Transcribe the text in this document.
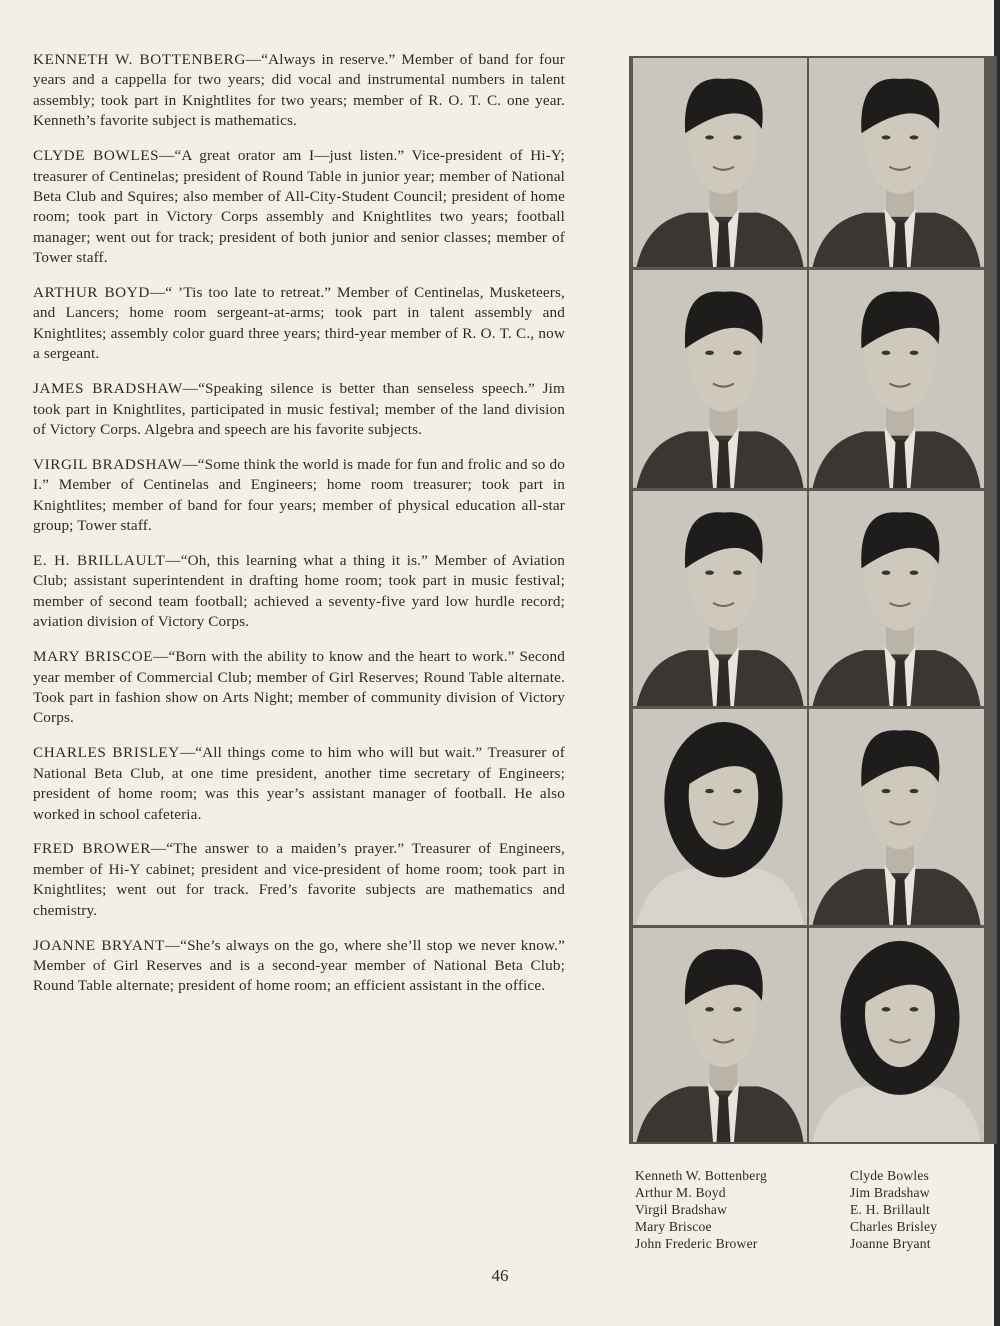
KENNETH W. BOTTENBERG—“Always in reserve.” Member of band for four years and a cappella for two years; did vocal and instrumental numbers in talent assembly; took part in Knightlites for two years; member of R. O. T. C. one year. Kenneth’s favorite subject is mathematics.

CLYDE BOWLES—“A great orator am I—just listen.” Vice-president of Hi-Y; treasurer of Centinelas; president of Round Table in junior year; member of National Beta Club and Squires; also member of All-City-Student Council; president of home room; took part in Victory Corps assembly and Knightlites two years; football manager; went out for track; president of both junior and senior classes; member of Tower staff.

ARTHUR BOYD—“ ’Tis too late to retreat.” Member of Centinelas, Musketeers, and Lancers; home room sergeant-at-arms; took part in talent assembly and Knightlites; assembly color guard three years; third-year member of R. O. T. C., now a sergeant.

JAMES BRADSHAW—“Speaking silence is better than senseless speech.” Jim took part in Knightlites, participated in music festival; member of the land division of Victory Corps. Algebra and speech are his favorite subjects.

VIRGIL BRADSHAW—“Some think the world is made for fun and frolic and so do I.” Member of Centinelas and Engineers; home room treasurer; took part in Knightlites; member of band for four years; member of physical education all-star group; Tower staff.

E. H. BRILLAULT—“Oh, this learning what a thing it is.” Member of Aviation Club; assistant superintendent in drafting home room; took part in music festival; member of second team football; achieved a seventy-five yard low hurdle record; aviation division of Victory Corps.

MARY BRISCOE—“Born with the ability to know and the heart to work.” Second year member of Commercial Club; member of Girl Reserves; Round Table alternate. Took part in fashion show on Arts Night; member of community division of Victory Corps.

CHARLES BRISLEY—“All things come to him who will but wait.” Treasurer of National Beta Club, at one time president, another time secretary of Engineers; president of home room; was this year’s assistant manager of football. He also worked in school cafeteria.

FRED BROWER—“The answer to a maiden’s prayer.” Treasurer of Engineers, member of Hi-Y cabinet; president and vice-president of home room; took part in Knightlites; went out for track. Fred’s favorite subjects are mathematics and chemistry.

JOANNE BRYANT—“She’s always on the go, where she’ll stop we never know.” Member of Girl Reserves and is a second-year member of National Beta Club; Round Table alternate; president of home room; an efficient assistant in the office.

Kenneth W. Bottenberg
Arthur M. Boyd
Virgil Bradshaw
Mary Briscoe
John Frederic Brower
Clyde Bowles
Jim Bradshaw
E. H. Brillault
Charles Brisley
Joanne Bryant
46
